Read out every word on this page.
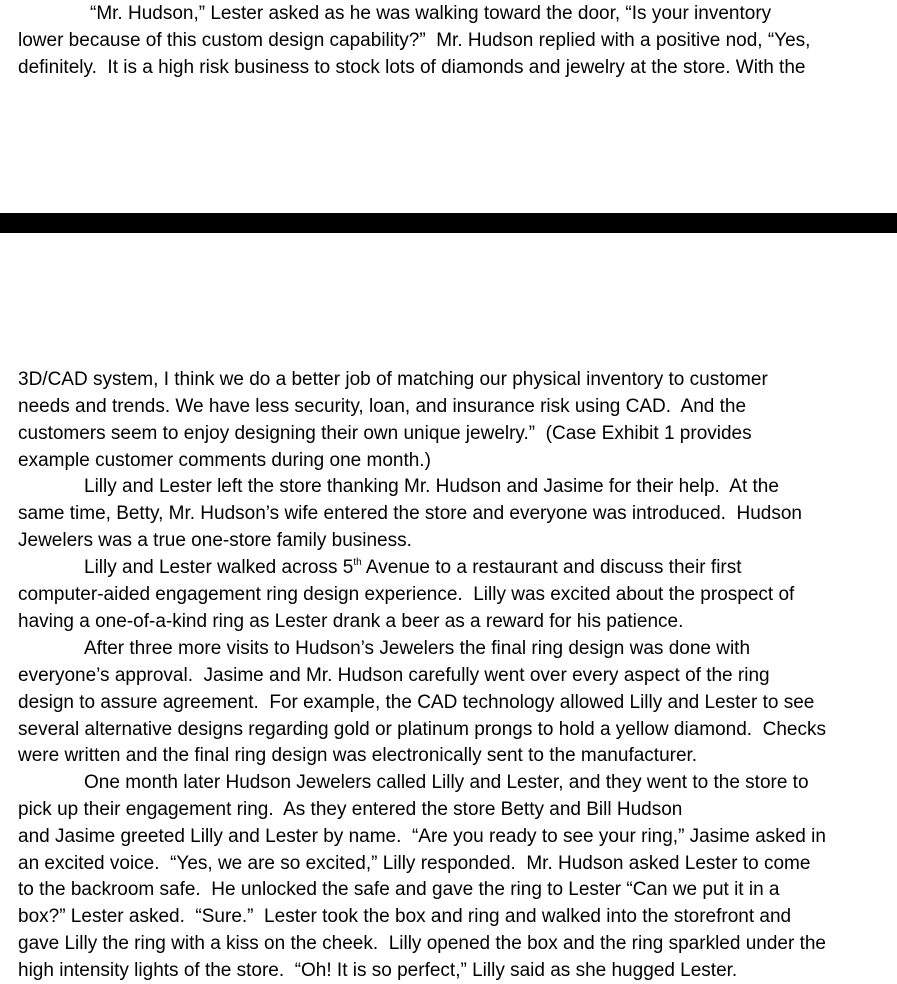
“Mr. Hudson,” Lester asked as he was walking toward the door, “Is your inventory
lower because of this custom design capability?”  Mr. Hudson replied with a positive nod, “Yes,
definitely.  It is a high risk business to stock lots of diamonds and jewelry at the store. With the
3D/CAD system, I think we do a better job of matching our physical inventory to customer
needs and trends. We have less security, loan, and insurance risk using CAD.  And the
customers seem to enjoy designing their own unique jewelry.”  (Case Exhibit 1 provides
example customer comments during one month.)
Lilly and Lester left the store thanking Mr. Hudson and Jasime for their help.  At the
same time, Betty, Mr. Hudson’s wife entered the store and everyone was introduced.  Hudson
Jewelers was a true one-store family business.
Lilly and Lester walked across 5th Avenue to a restaurant and discuss their first
computer-aided engagement ring design experience.  Lilly was excited about the prospect of
having a one-of-a-kind ring as Lester drank a beer as a reward for his patience.
After three more visits to Hudson’s Jewelers the final ring design was done with
everyone’s approval.  Jasime and Mr. Hudson carefully went over every aspect of the ring
design to assure agreement.  For example, the CAD technology allowed Lilly and Lester to see
several alternative designs regarding gold or platinum prongs to hold a yellow diamond.  Checks
were written and the final ring design was electronically sent to the manufacturer.
One month later Hudson Jewelers called Lilly and Lester, and they went to the store to
pick up their engagement ring.  As they entered the store Betty and Bill Hudson
and Jasime greeted Lilly and Lester by name.  “Are you ready to see your ring,” Jasime asked in
an excited voice.  “Yes, we are so excited,” Lilly responded.  Mr. Hudson asked Lester to come
to the backroom safe.  He unlocked the safe and gave the ring to Lester “Can we put it in a
box?” Lester asked.  “Sure.”  Lester took the box and ring and walked into the storefront and
gave Lilly the ring with a kiss on the cheek.  Lilly opened the box and the ring sparkled under the
high intensity lights of the store.  “Oh! It is so perfect,” Lilly said as she hugged Lester.
